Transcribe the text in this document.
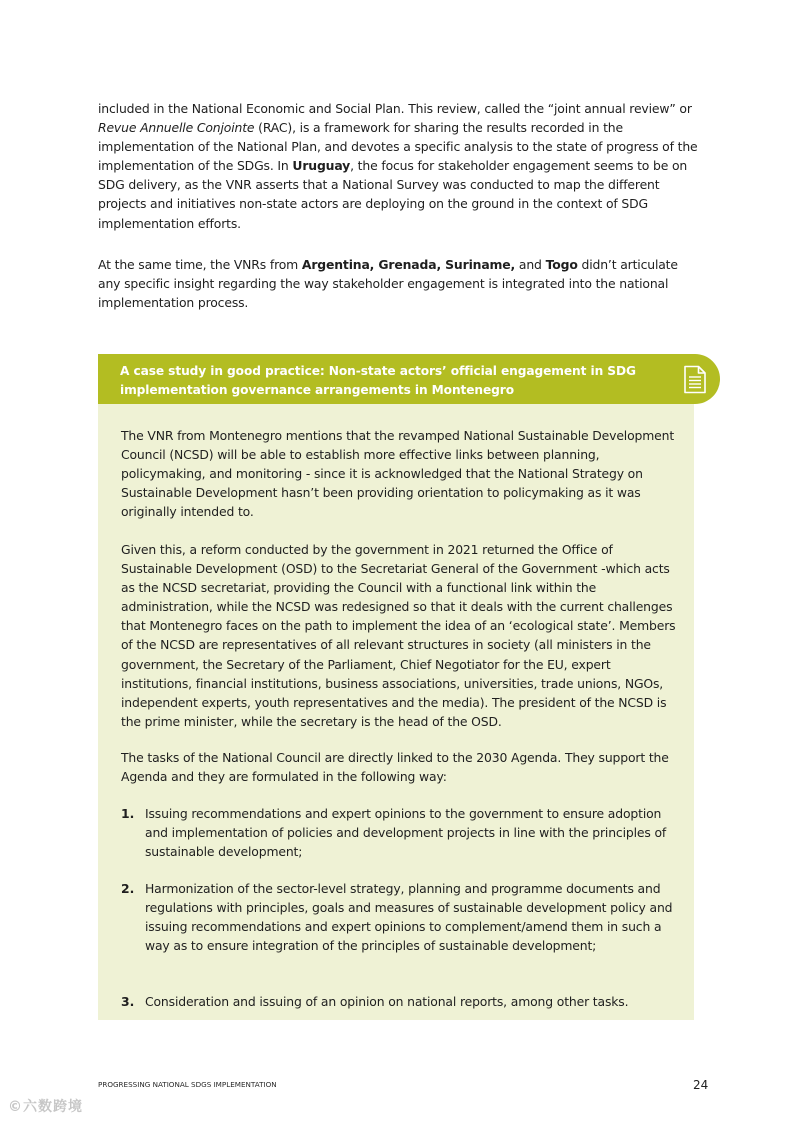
included in the National Economic and Social Plan. This review, called the “joint annual review” or Revue Annuelle Conjointe (RAC), is a framework for sharing the results recorded in the implementation of the National Plan, and devotes a specific analysis to the state of progress of the implementation of the SDGs. In Uruguay, the focus for stakeholder engagement seems to be on SDG delivery, as the VNR asserts that a National Survey was conducted to map the different projects and initiatives non-state actors are deploying on the ground in the context of SDG implementation efforts.

At the same time, the VNRs from Argentina, Grenada, Suriname, and Togo didn’t articulate any specific insight regarding the way stakeholder engagement is integrated into the national implementation process.

A case study in good practice: Non-state actors’ official engagement in SDG implementation governance arrangements in Montenegro

The VNR from Montenegro mentions that the revamped National Sustainable Development Council (NCSD) will be able to establish more effective links between planning, policymaking, and monitoring - since it is acknowledged that the National Strategy on Sustainable Development hasn’t been providing orientation to policymaking as it was originally intended to.

Given this, a reform conducted by the government in 2021 returned the Office of Sustainable Development (OSD) to the Secretariat General of the Government -which acts as the NCSD secretariat, providing the Council with a functional link within the administration, while the NCSD was redesigned so that it deals with the current challenges that Montenegro faces on the path to implement the idea of an ‘ecological state’. Members of the NCSD are representatives of all relevant structures in society (all ministers in the government, the Secretary of the Parliament, Chief Negotiator for the EU, expert institutions, financial institutions, business associations, universities, trade unions, NGOs, independent experts, youth representatives and the media). The president of the NCSD is the prime minister, while the secretary is the head of the OSD.

The tasks of the National Council are directly linked to the 2030 Agenda. They support the Agenda and they are formulated in the following way:

1. Issuing recommendations and expert opinions to the government to ensure adoption and implementation of policies and development projects in line with the principles of sustainable development;

2. Harmonization of the sector-level strategy, planning and programme documents and regulations with principles, goals and measures of sustainable development policy and issuing recommendations and expert opinions to complement/amend them in such a way as to ensure integration of the principles of sustainable development;

3. Consideration and issuing of an opinion on national reports, among other tasks.

PROGRESSING NATIONAL SDGS IMPLEMENTATION	24
©六数跨境
